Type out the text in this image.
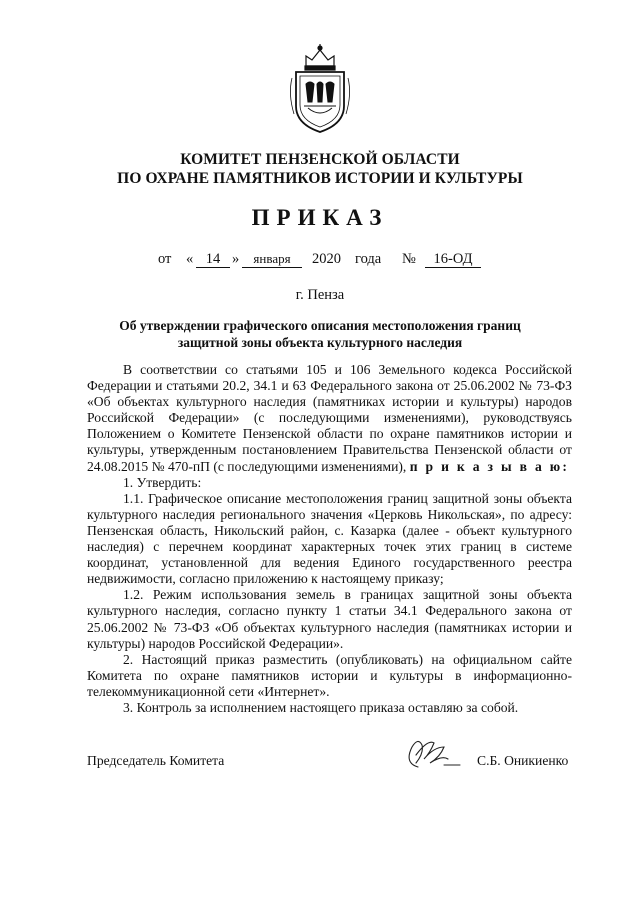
КОМИТЕТ ПЕНЗЕНСКОЙ ОБЛАСТИ
ПО ОХРАНЕ ПАМЯТНИКОВ ИСТОРИИ И КУЛЬТУРЫ
ПРИКАЗ
от « 14 »	января	2020 года №	16-ОД
г. Пенза
Об утверждении графического описания местоположения границ
защитной зоны объекта культурного наследия

В соответствии со статьями 105 и 106 Земельного кодекса Российской Федерации и статьями 20.2, 34.1 и 63 Федерального закона от 25.06.2002 № 73-ФЗ «Об объектах культурного наследия (памятниках истории и культуры) народов Российской Федерации» (с последующими изменениями), руководствуясь Положением о Комитете Пензенской области по охране памятников истории и культуры, утвержденным постановлением Правительства Пензенской области от 24.08.2015 № 470-пП (с последующими изменениями), п р и к а з ы в а ю:

1. Утвердить:

1.1. Графическое описание местоположения границ защитной зоны объекта культурного наследия регионального значения «Церковь Никольская», по адресу: Пензенская область, Никольский район, с. Казарка (далее - объект культурного наследия) с перечнем координат характерных точек этих границ в системе координат, установленной для ведения Единого государственного реестра недвижимости, согласно приложению к настоящему приказу;

1.2. Режим использования земель в границах защитной зоны объекта культурного наследия, согласно пункту 1 статьи 34.1 Федерального закона от 25.06.2002 № 73-ФЗ «Об объектах культурного наследия (памятниках истории и культуры) народов Российской Федерации».

2. Настоящий приказ разместить (опубликовать) на официальном сайте Комитета по охране памятников истории и культуры в информационно-телекоммуникационной сети «Интернет».

3. Контроль за исполнением настоящего приказа оставляю за собой.

Председатель Комитета	С.Б. Оникиенко
